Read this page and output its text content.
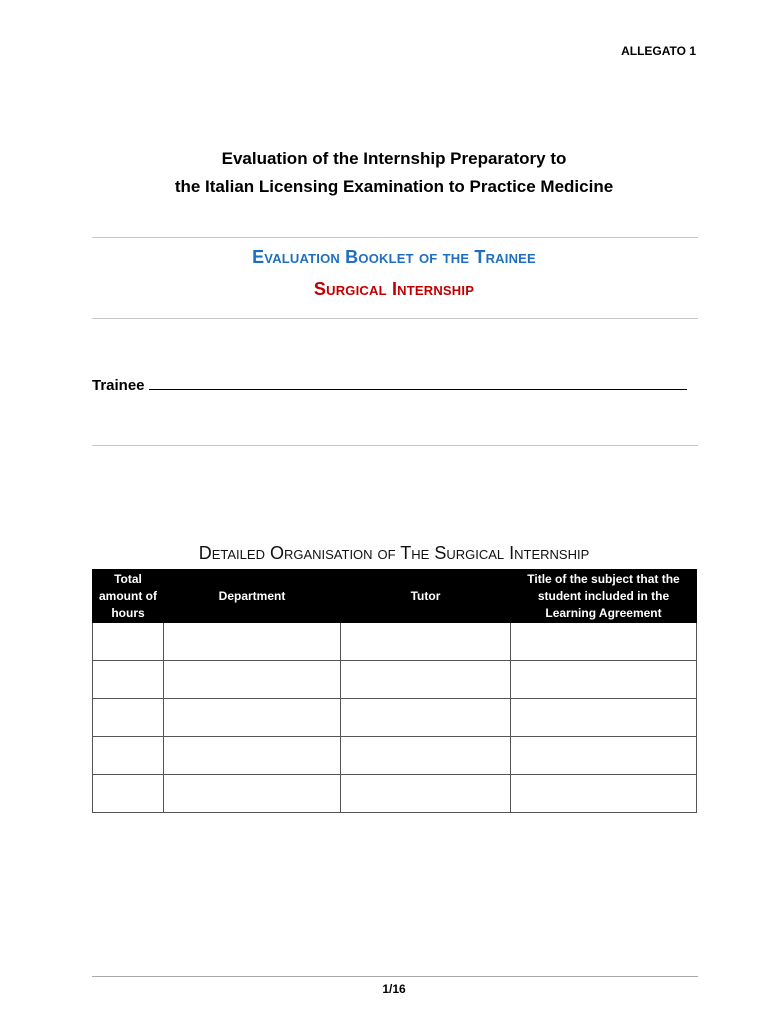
ALLEGATO 1
Evaluation of the Internship Preparatory to
the Italian Licensing Examination to Practice Medicine
Evaluation Booklet of the Trainee
Surgical Internship
Trainee
Detailed Organisation of The Surgical Internship
Total amount of hours	Department	Tutor	Title of the subject that the student included in the Learning Agreement

1/16
